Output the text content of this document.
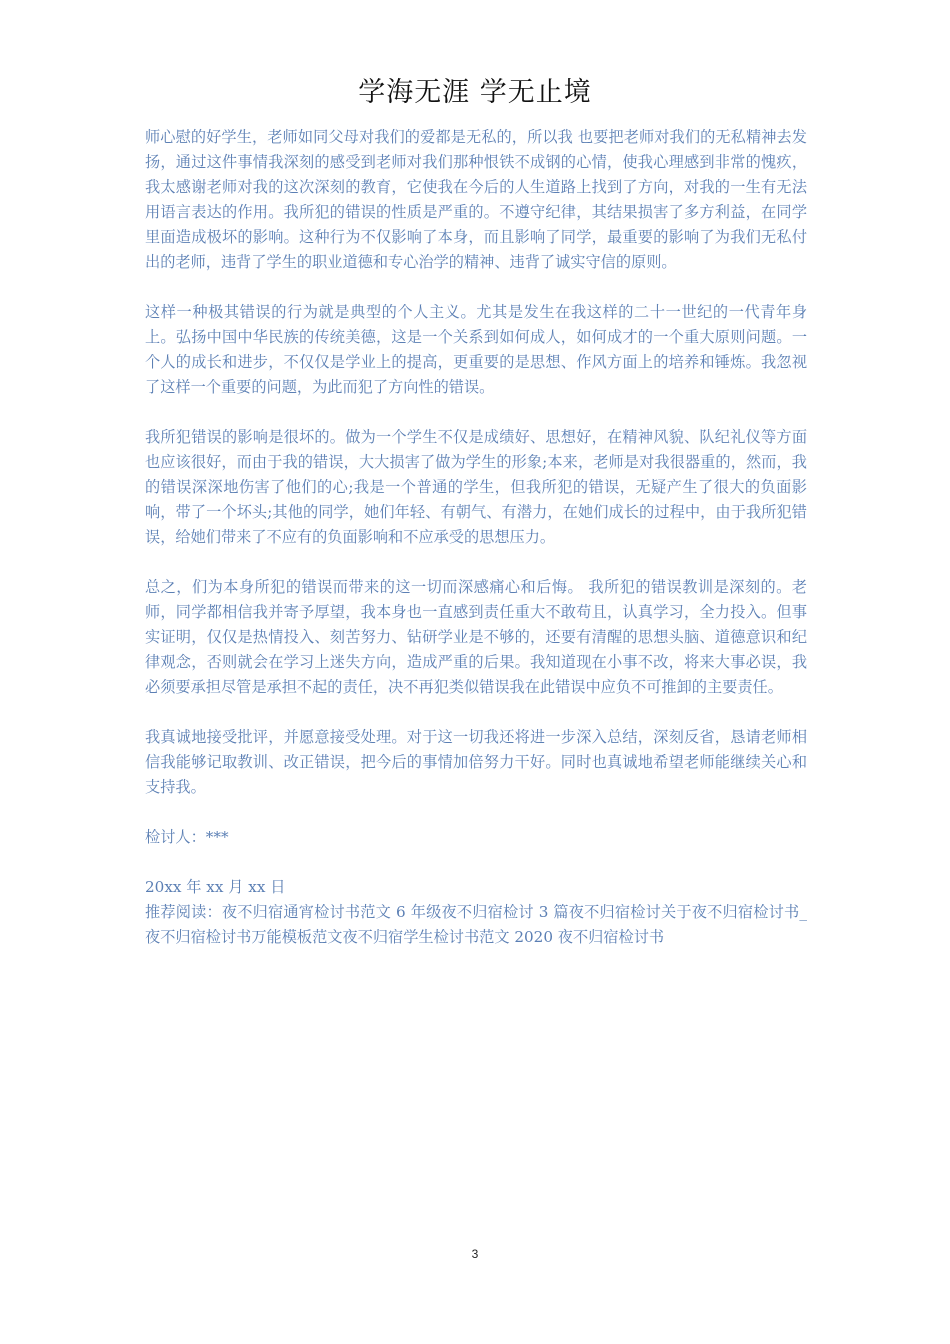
学海无涯 学无止境

师心慰的好学生，老师如同父母对我们的爱都是无私的，所以我 也要把老师对我们的无私精神去发扬，通过这件事情我深刻的感受到老师对我们那种恨铁不成钢的心情，使我心理感到非常的愧疚，我太感谢老师对我的这次深刻的教育，它使我在今后的人生道路上找到了方向，对我的一生有无法用语言表达的作用。我所犯的错误的性质是严重的。不遵守纪律，其结果损害了多方利益，在同学里面造成极坏的影响。这种行为不仅影响了本身，而且影响了同学，最重要的影响了为我们无私付出的老师，违背了学生的职业道德和专心治学的精神、违背了诚实守信的原则。

这样一种极其错误的行为就是典型的个人主义。尤其是发生在我这样的二十一世纪的一代青年身上。弘扬中国中华民族的传统美德，这是一个关系到如何成人，如何成才的一个重大原则问题。一个人的成长和进步，不仅仅是学业上的提高，更重要的是思想、作风方面上的培养和锤炼。我忽视了这样一个重要的问题，为此而犯了方向性的错误。

我所犯错误的影响是很坏的。做为一个学生不仅是成绩好、思想好，在精神风貌、队纪礼仪等方面也应该很好，而由于我的错误，大大损害了做为学生的形象;本来，老师是对我很器重的，然而，我的错误深深地伤害了他们的心;我是一个普通的学生，但我所犯的错误，无疑产生了很大的负面影响，带了一个坏头;其他的同学，她们年轻、有朝气、有潜力，在她们成长的过程中，由于我所犯错误，给她们带来了不应有的负面影响和不应承受的思想压力。

总之，们为本身所犯的错误而带来的这一切而深感痛心和后悔。 我所犯的错误教训是深刻的。老师，同学都相信我并寄予厚望，我本身也一直感到责任重大不敢苟且，认真学习，全力投入。但事实证明，仅仅是热情投入、刻苦努力、钻研学业是不够的，还要有清醒的思想头脑、道德意识和纪律观念，否则就会在学习上迷失方向，造成严重的后果。我知道现在小事不改，将来大事必误，我必须要承担尽管是承担不起的责任，决不再犯类似错误我在此错误中应负不可推卸的主要责任。

我真诚地接受批评，并愿意接受处理。对于这一切我还将进一步深入总结，深刻反省，恳请老师相信我能够记取教训、改正错误，把今后的事情加倍努力干好。同时也真诚地希望老师能继续关心和支持我。

检讨人：***

20xx 年 xx 月 xx 日

推荐阅读：夜不归宿通宵检讨书范文 6 年级夜不归宿检讨 3 篇夜不归宿检讨关于夜不归宿检讨书_夜不归宿检讨书万能模板范文夜不归宿学生检讨书范文 2020 夜不归宿检讨书

3
